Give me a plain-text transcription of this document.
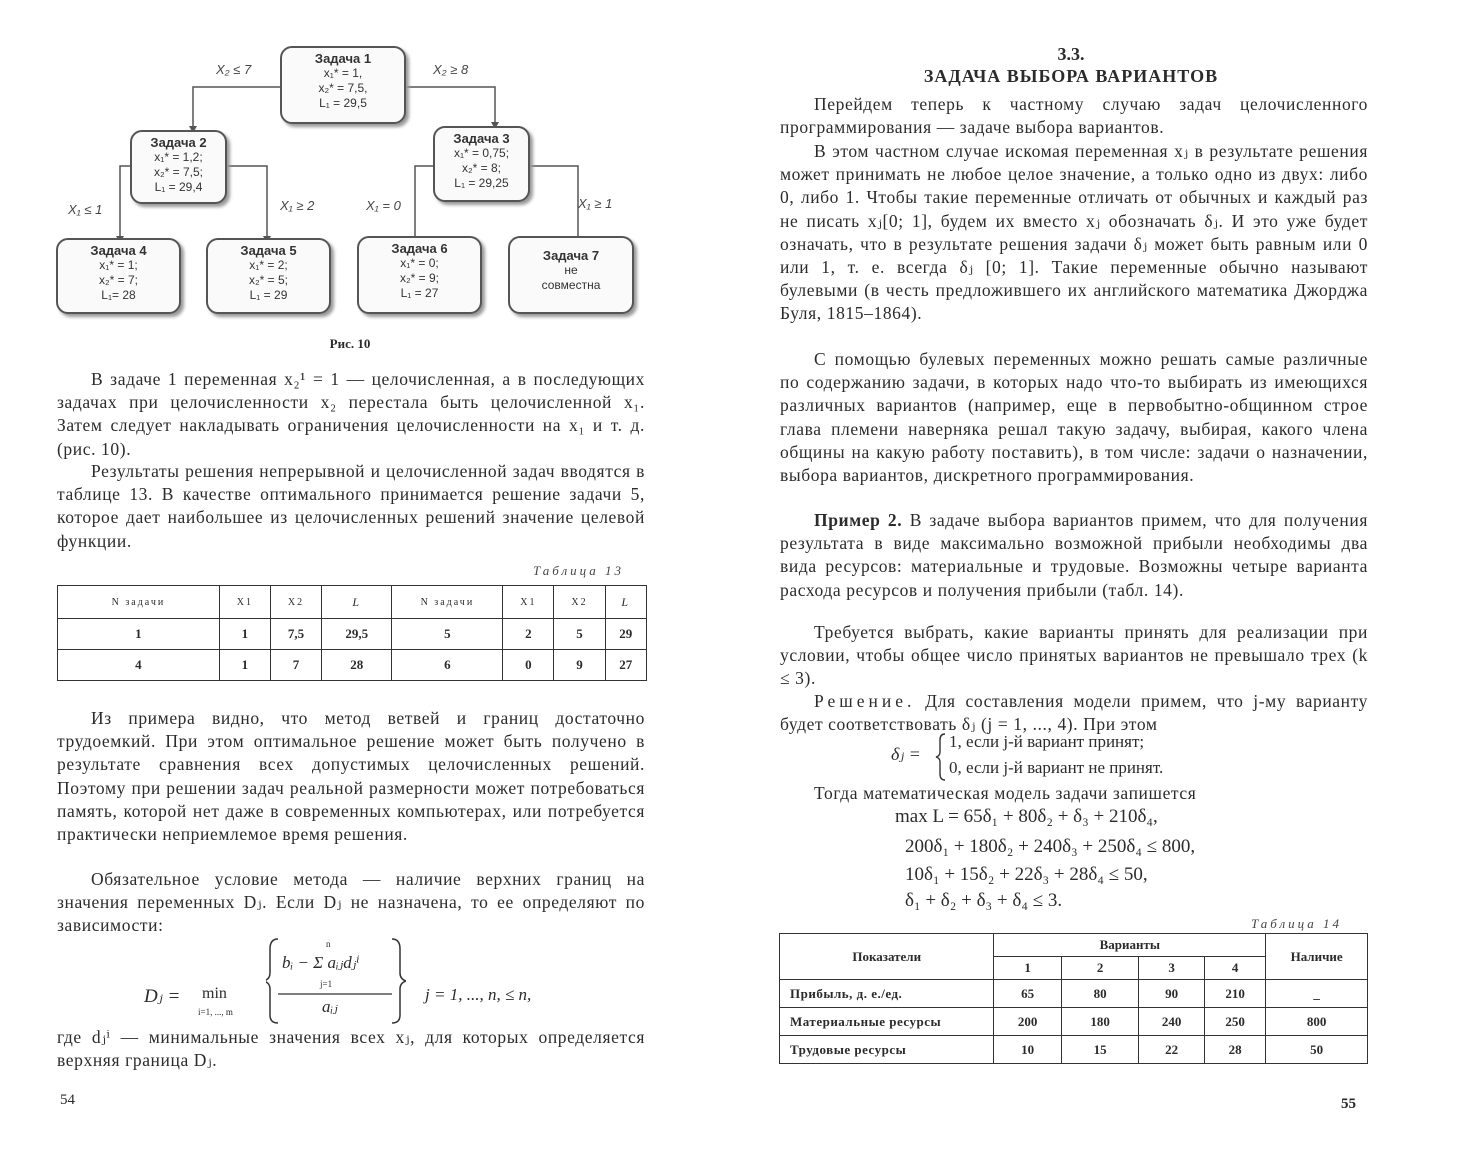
Задача 1
x₁* = 1,
x₂* = 7,5,
L₁ = 29,5
Задача 2
x₁* = 1,2;
x₂* = 7,5;
L₁ = 29,4
Задача 3
x₁* = 0,75;
x₂* = 8;
L₁ = 29,25
Задача 4
x₁* = 1;
x₂* = 7;
L₁= 28
Задача 5
x₁* = 2;
x₂* = 5;
L₁ = 29
Задача 6
x₁* = 0;
x₂* = 9;
L₁ = 27
Задача 7
не
совместна
X₂ ≤ 7	X₂ ≥ 8
X₁ ≤ 1	X₁ ≥ 2	X₁ = 0	X₁ ≥ 1
Рис. 10

В задаче 1 переменная x₂¹ = 1 — целочисленная, а в последующих задачах при целочисленности x₂ перестала быть целочисленной x₁. Затем следует накладывать ограничения целочисленности на x₁ и т. д. (рис. 10).

Результаты решения непрерывной и целочисленной задач вводятся в таблице 13. В качестве оптимального принимается решение задачи 5, которое дает наибольшее из целочисленных решений значение целевой функции.

Таблица 13
N задачи	X1	X2	L	N задачи	X1	X2	L
1	1	7,5	29,5	5	2	5	29
4	1	7	28	6	0	9	27

Из примера видно, что метод ветвей и границ достаточно трудоемкий. При этом оптимальное решение может быть получено в результате сравнения всех допустимых целочисленных решений. Поэтому при решении задач реальной размерности может потребоваться память, которой нет даже в современных компьютерах, или потребуется практически неприемлемое время решения.

Обязательное условие метода — наличие верхних границ на значения переменных Dⱼ. Если Dⱼ не назначена, то ее определяют по зависимости:

Dⱼ = min
i=1, ..., m
bᵢ − Σ aᵢⱼdⱼⁱ
n
j=1
aᵢⱼ
j = 1, ..., n, ≤ n,

где dⱼⁱ — минимальные значения всех xⱼ, для которых определяется верхняя граница Dⱼ.

54
3.3.
ЗАДАЧА ВЫБОРА ВАРИАНТОВ

Перейдем теперь к частному случаю задач целочисленного программирования — задаче выбора вариантов.

В этом частном случае искомая переменная xⱼ в результате решения может принимать не любое целое значение, а только одно из двух: либо 0, либо 1. Чтобы такие переменные отличать от обычных и каждый раз не писать xⱼ[0; 1], будем их вместо xⱼ обозначать δⱼ. И это уже будет означать, что в результате решения задачи δⱼ может быть равным или 0 или 1, т. е. всегда δⱼ [0; 1]. Такие переменные обычно называют булевыми (в честь предложившего их английского математика Джорджа Буля, 1815–1864).

С помощью булевых переменных можно решать самые различные по содержанию задачи, в которых надо что-то выбирать из имеющихся различных вариантов (например, еще в первобытно-общинном строе глава племени наверняка решал такую задачу, выбирая, какого члена общины на какую работу поставить), в том числе: задачи о назначении, выбора вариантов, дискретного программирования.

Пример 2. В задаче выбора вариантов примем, что для получения результата в виде максимально возможной прибыли необходимы два вида ресурсов: материальные и трудовые. Возможны четыре варианта расхода ресурсов и получения прибыли (табл. 14).

Требуется выбрать, какие варианты принять для реализации при условии, чтобы общее число принятых вариантов не превышало трех (k ≤ 3).

Решение. Для составления модели примем, что j-му варианту будет соответствовать δⱼ (j = 1, ..., 4). При этом

δⱼ =
1, если j-й вариант принят;
0, если j-й вариант не принят.

Тогда математическая модель задачи запишется

max L = 65δ₁ + 80δ₂ + δ₃ + 210δ₄,
200δ₁ + 180δ₂ + 240δ₃ + 250δ₄ ≤ 800,
10δ₁ + 15δ₂ + 22δ₃ + 28δ₄ ≤ 50,
δ₁ + δ₂ + δ₃ + δ₄ ≤ 3.
Таблица 14
Показатели	Варианты				Наличие
	1	2	3	4	
Прибыль, д. е./ед.	65	80	90	210	_
Материальные ресурсы	200	180	240	250	800
Трудовые ресурсы	10	15	22	28	50
55
